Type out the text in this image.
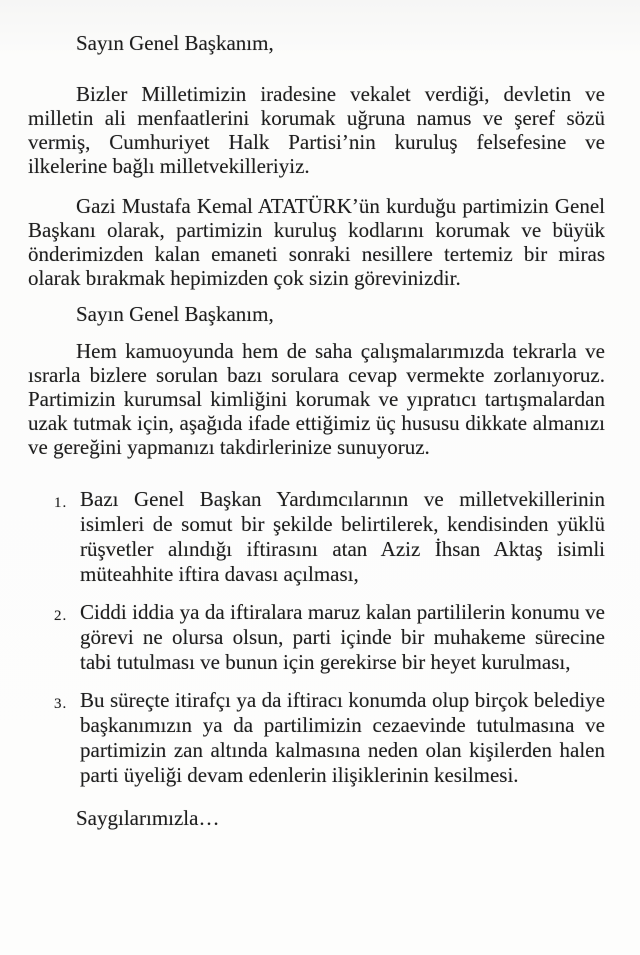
Sayın Genel Başkanım,

Bizler Milletimizin iradesine vekalet verdiği, devletin ve milletin ali menfaatlerini korumak uğruna namus ve şeref sözü vermiş, Cumhuriyet Halk Partisi’nin kuruluş felsefesine ve ilkelerine bağlı milletvekilleriyiz.

Gazi Mustafa Kemal ATATÜRK’ün kurduğu partimizin Genel Başkanı olarak, partimizin kuruluş kodlarını korumak ve büyük önderimizden kalan emaneti sonraki nesillere tertemiz bir miras olarak bırakmak hepimizden çok sizin görevinizdir.

Sayın Genel Başkanım,

Hem kamuoyunda hem de saha çalışmalarımızda tekrarla ve ısrarla bizlere sorulan bazı sorulara cevap vermekte zorlanıyoruz. Partimizin kurumsal kimliğini korumak ve yıpratıcı tartışmalardan uzak tutmak için, aşağıda ifade ettiğimiz üç hususu dikkate almanızı ve gereğini yapmanızı takdirlerinize sunuyoruz.

1. Bazı Genel Başkan Yardımcılarının ve milletvekillerinin isimleri de somut bir şekilde belirtilerek, kendisinden yüklü rüşvetler alındığı iftirasını atan Aziz İhsan Aktaş isimli müteahhite iftira davası açılması,
2. Ciddi iddia ya da iftiralara maruz kalan partililerin konumu ve görevi ne olursa olsun, parti içinde bir muhakeme sürecine tabi tutulması ve bunun için gerekirse bir heyet kurulması,
3. Bu süreçte itirafçı ya da iftiracı konumda olup birçok belediye başkanımızın ya da partilimizin cezaevinde tutulmasına ve partimizin zan altında kalmasına neden olan kişilerden halen parti üyeliği devam edenlerin ilişiklerinin kesilmesi.

Saygılarımızla…
